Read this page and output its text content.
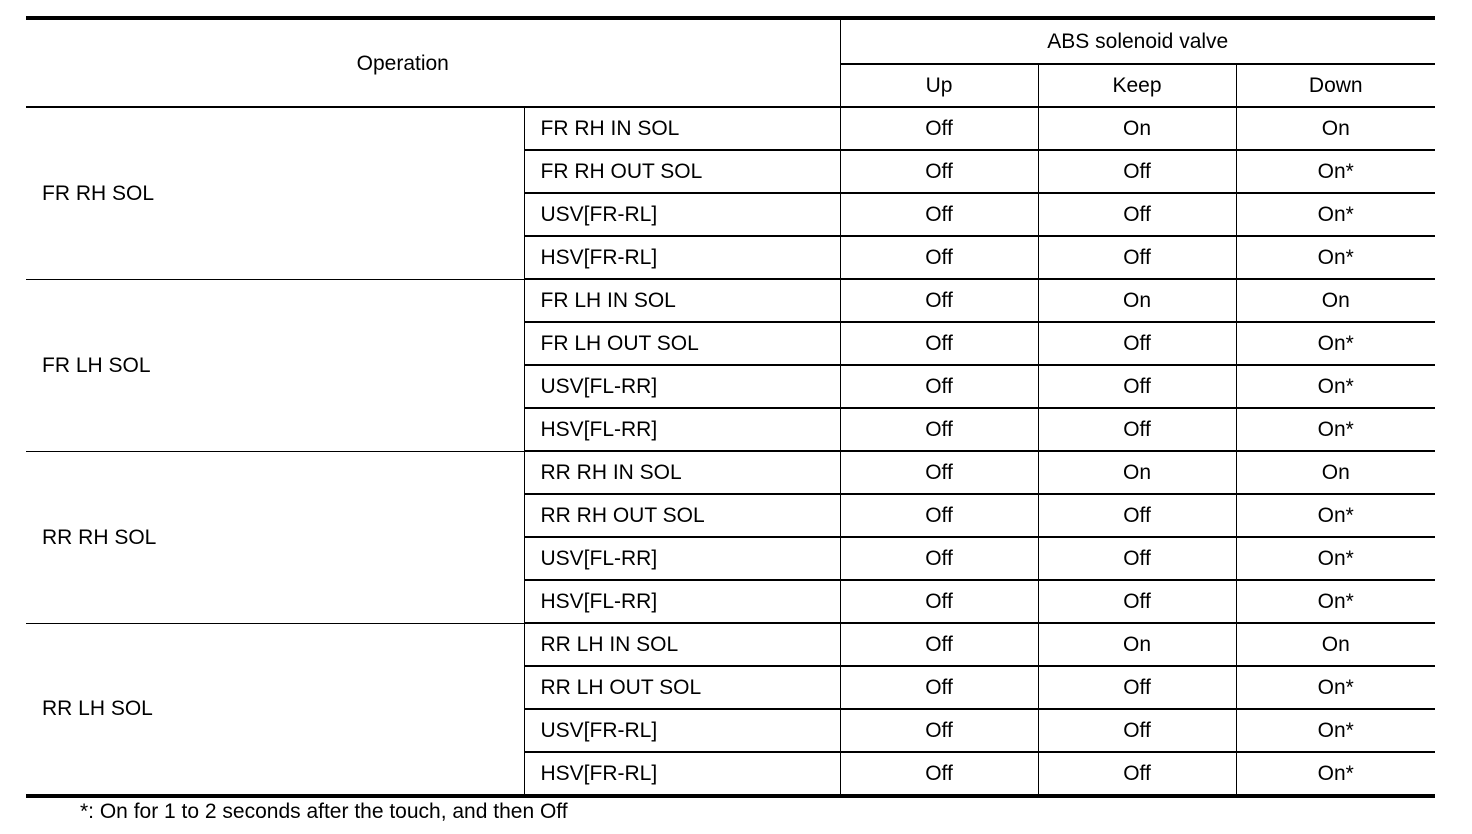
Operation		ABS solenoid valve		
		Up	Keep	Down
FR RH SOL	FR RH IN SOL	Off	On	On
	FR RH OUT SOL	Off	Off	On*
	USV[FR-RL]	Off	Off	On*
	HSV[FR-RL]	Off	Off	On*
FR LH SOL	FR LH IN SOL	Off	On	On
	FR LH OUT SOL	Off	Off	On*
	USV[FL-RR]	Off	Off	On*
	HSV[FL-RR]	Off	Off	On*
RR RH SOL	RR RH IN SOL	Off	On	On
	RR RH OUT SOL	Off	Off	On*
	USV[FL-RR]	Off	Off	On*
	HSV[FL-RR]	Off	Off	On*
RR LH SOL	RR LH IN SOL	Off	On	On
	RR LH OUT SOL	Off	Off	On*
	USV[FR-RL]	Off	Off	On*
	HSV[FR-RL]	Off	Off	On*
*: On for 1 to 2 seconds after the touch, and then Off
